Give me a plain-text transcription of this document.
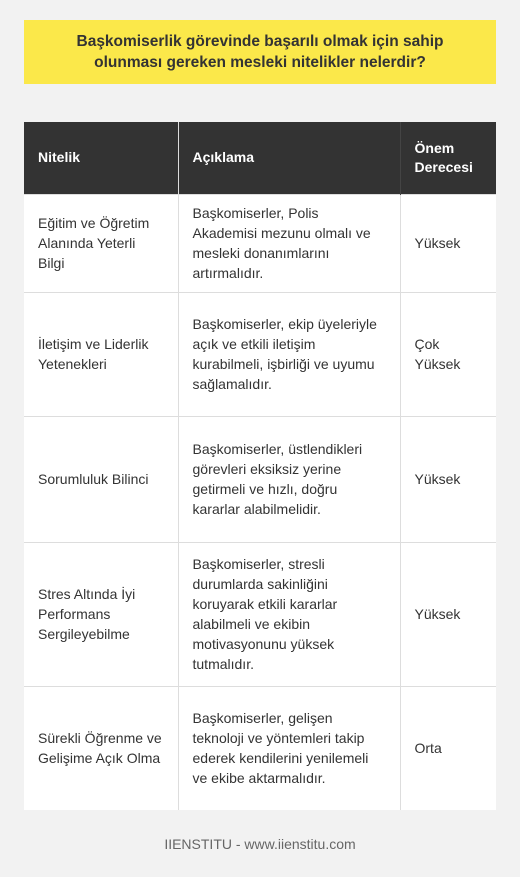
Başkomiserlik görevinde başarılı olmak için sahip olunması gereken mesleki nitelikler nelerdir?
Nitelik	Açıklama	Önem Derecesi
Eğitim ve Öğretim Alanında Yeterli Bilgi	Başkomiserler, Polis Akademisi mezunu olmalı ve mesleki donanımlarını artırmalıdır.	Yüksek
İletişim ve Liderlik Yetenekleri	Başkomiserler, ekip üyeleriyle açık ve etkili iletişim kurabilmeli, işbirliği ve uyumu sağlamalıdır.	Çok Yüksek
Sorumluluk Bilinci	Başkomiserler, üstlendikleri görevleri eksiksiz yerine getirmeli ve hızlı, doğru kararlar alabilmelidir.	Yüksek
Stres Altında İyi Performans Sergileyebilme	Başkomiserler, stresli durumlarda sakinliğini koruyarak etkili kararlar alabilmeli ve ekibin motivasyonunu yüksek tutmalıdır.	Yüksek
Sürekli Öğrenme ve Gelişime Açık Olma	Başkomiserler, gelişen teknoloji ve yöntemleri takip ederek kendilerini yenilemeli ve ekibe aktarmalıdır.	Orta
IIENSTITU - www.iienstitu.com
